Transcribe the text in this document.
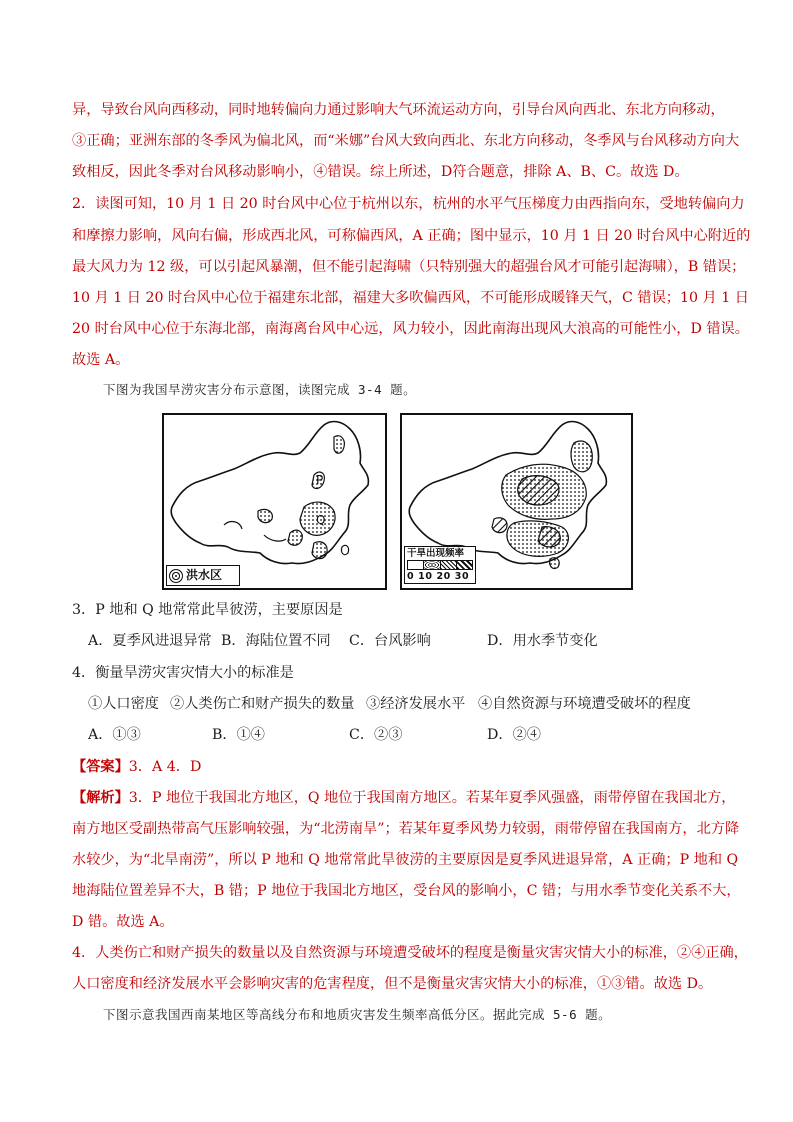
异，导致台风向西移动，同时地转偏向力通过影响大气环流运动方向，引导台风向西北、东北方向移动，
③正确；亚洲东部的冬季风为偏北风，而“米娜”台风大致向西北、东北方向移动，冬季风与台风移动方向大
致相反，因此冬季对台风移动影响小，④错误。综上所述，D符合题意，排除 A、B、C。故选 D。
2．读图可知，10 月 1 日 20 时台风中心位于杭州以东，杭州的水平气压梯度力由西指向东，受地转偏向力
和摩擦力影响，风向右偏，形成西北风，可称偏西风，A 正确；图中显示，10 月 1 日 20 时台风中心附近的
最大风力为 12 级，可以引起风暴潮，但不能引起海啸（只特别强大的超强台风才可能引起海啸），B 错误；
10 月 1 日 20 时台风中心位于福建东北部，福建大多吹偏西风，不可能形成暖锋天气，C 错误；10 月 1 日
20 时台风中心位于东海北部，南海离台风中心远，风力较小，因此南海出现风大浪高的可能性小，D 错误。
故选 A。
下图为我国旱涝灾害分布示意图，读图完成 3-4 题。
P
Q
洪水区
干旱出现频率
0 10 20 30
3．P 地和 Q 地常常此旱彼涝，主要原因是
A．夏季风进退异常 B．海陆位置不同 C．台风影响	D．用水季节变化
4．衡量旱涝灾害灾情大小的标准是
①人口密度 ②人类伤亡和财产损失的数量 ③经济发展水平 ④自然资源与环境遭受破坏的程度
A．①③	B．①④	C．②③	D．②④
【答案】3．A 4．D
【解析】3．P 地位于我国北方地区，Q 地位于我国南方地区。若某年夏季风强盛，雨带停留在我国北方，
南方地区受副热带高气压影响较强，为“北涝南旱”；若某年夏季风势力较弱，雨带停留在我国南方，北方降
水较少，为“北旱南涝”，所以 P 地和 Q 地常常此旱彼涝的主要原因是夏季风进退异常，A 正确；P 地和 Q
地海陆位置差异不大，B 错；P 地位于我国北方地区，受台风的影响小，C 错；与用水季节变化关系不大，
D 错。故选 A。
4．人类伤亡和财产损失的数量以及自然资源与环境遭受破坏的程度是衡量灾害灾情大小的标准，②④正确，
人口密度和经济发展水平会影响灾害的危害程度，但不是衡量灾害灾情大小的标准，①③错。故选 D。
下图示意我国西南某地区等高线分布和地质灾害发生频率高低分区。据此完成 5-6 题。
